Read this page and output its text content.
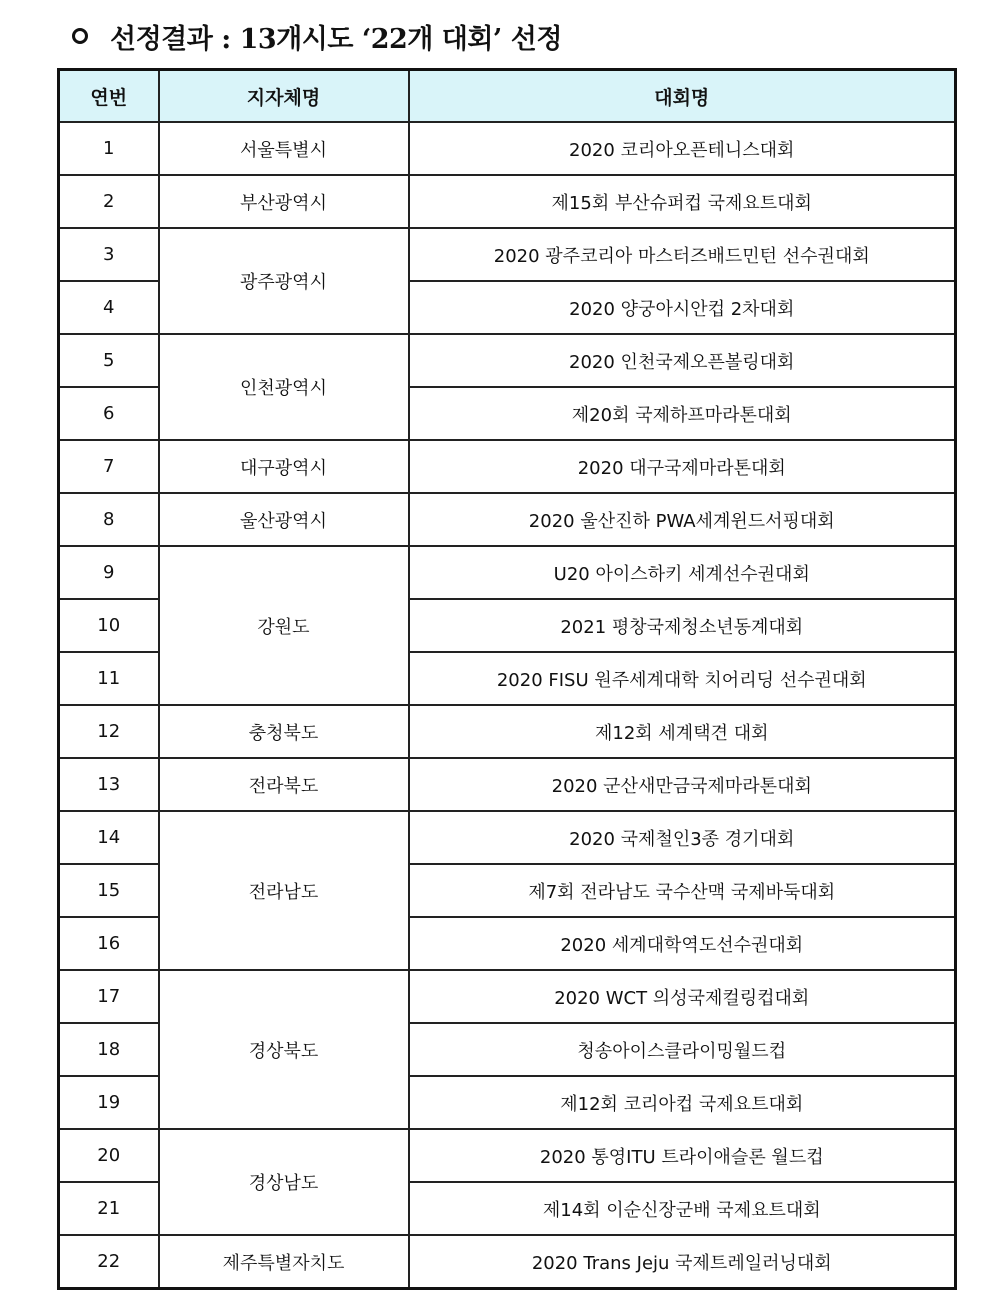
선정결과 : 13개시도 ‘22개 대회’ 선정
연번	지자체명	대회명
1	서울특별시	2020 코리아오픈테니스대회
2	부산광역시	제15회 부산슈퍼컵 국제요트대회
3	광주광역시	2020 광주코리아 마스터즈배드민턴 선수권대회
4		2020 양궁아시안컵 2차대회
5	인천광역시	2020 인천국제오픈볼링대회
6		제20회 국제하프마라톤대회
7	대구광역시	2020 대구국제마라톤대회
8	울산광역시	2020 울산진하 PWA세계윈드서핑대회
9	강원도	U20 아이스하키 세계선수권대회
10		2021 평창국제청소년동계대회
11		2020 FISU 원주세계대학 치어리딩 선수권대회
12	충청북도	제12회 세계택견 대회
13	전라북도	2020 군산새만금국제마라톤대회
14	전라남도	2020 국제철인3종 경기대회
15		제7회 전라남도 국수산맥 국제바둑대회
16		2020 세계대학역도선수권대회
17	경상북도	2020 WCT 의성국제컬링컵대회
18		청송아이스클라이밍월드컵
19		제12회 코리아컵 국제요트대회
20	경상남도	2020 통영ITU 트라이애슬론 월드컵
21		제14회 이순신장군배 국제요트대회
22	제주특별자치도	2020 Trans Jeju 국제트레일러닝대회
